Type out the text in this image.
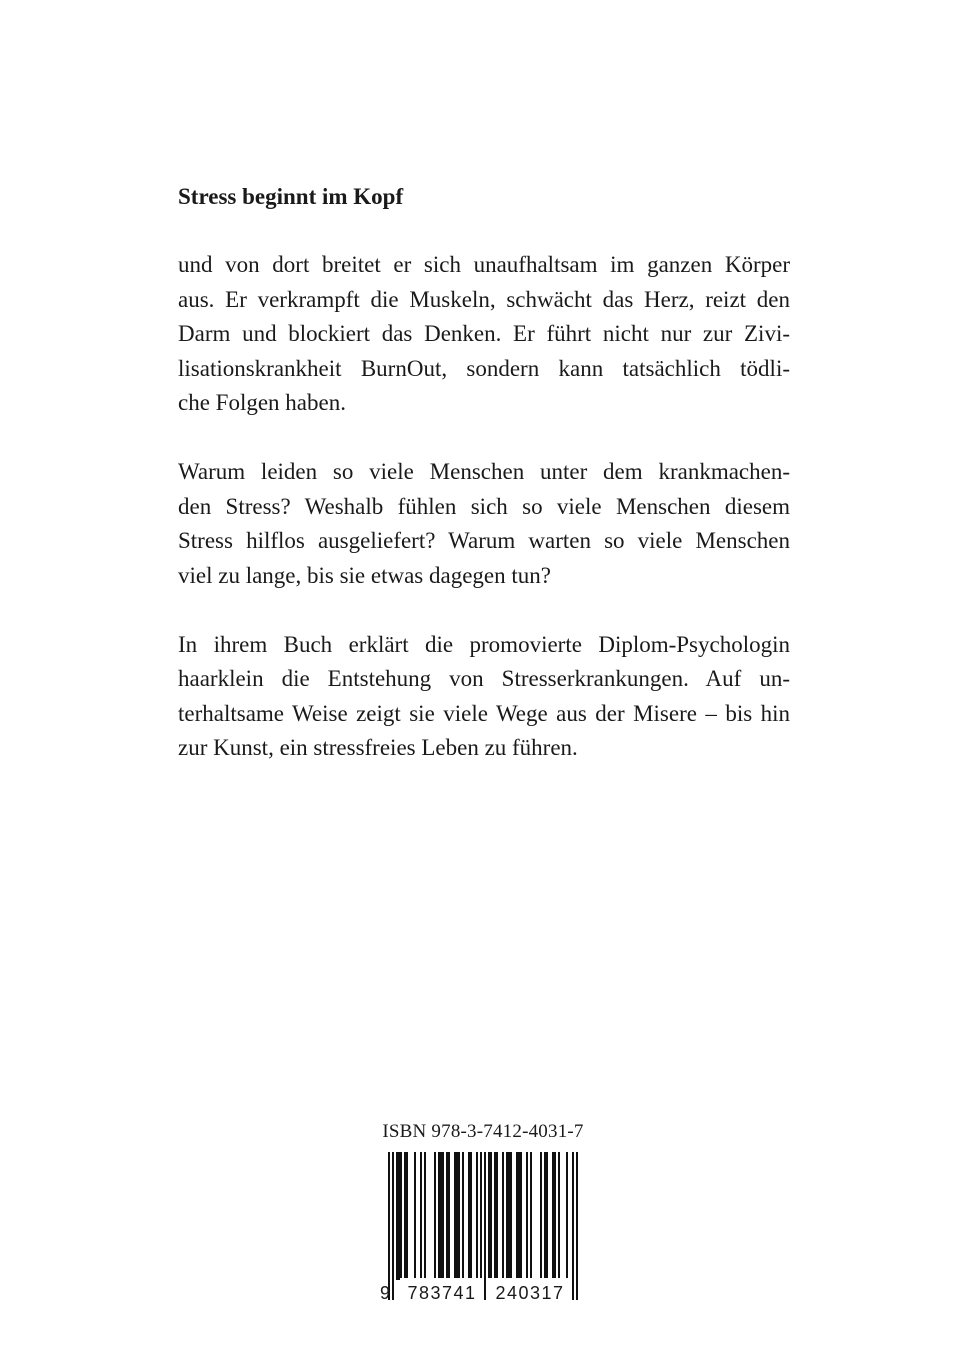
Stress beginnt im Kopf
und von dort breitet er sich unaufhaltsam im ganzen Körper
aus. Er verkrampft die Muskeln, schwächt das Herz, reizt den
Darm und blockiert das Denken. Er führt nicht nur zur Zivi-
lisationskrankheit BurnOut, sondern kann tatsächlich tödli-
che Folgen haben.
Warum leiden so viele Menschen unter dem krankmachen-
den Stress? Weshalb fühlen sich so viele Menschen diesem
Stress hilflos ausgeliefert? Warum warten so viele Menschen
viel zu lange, bis sie etwas dagegen tun?
In ihrem Buch erklärt die promovierte Diplom-Psychologin
haarklein die Entstehung von Stresserkrankungen. Auf un-
terhaltsame Weise zeigt sie viele Wege aus der Misere – bis hin
zur Kunst, ein stressfreies Leben zu führen.
ISBN 978-3-7412-4031-7
9 783741	240317
